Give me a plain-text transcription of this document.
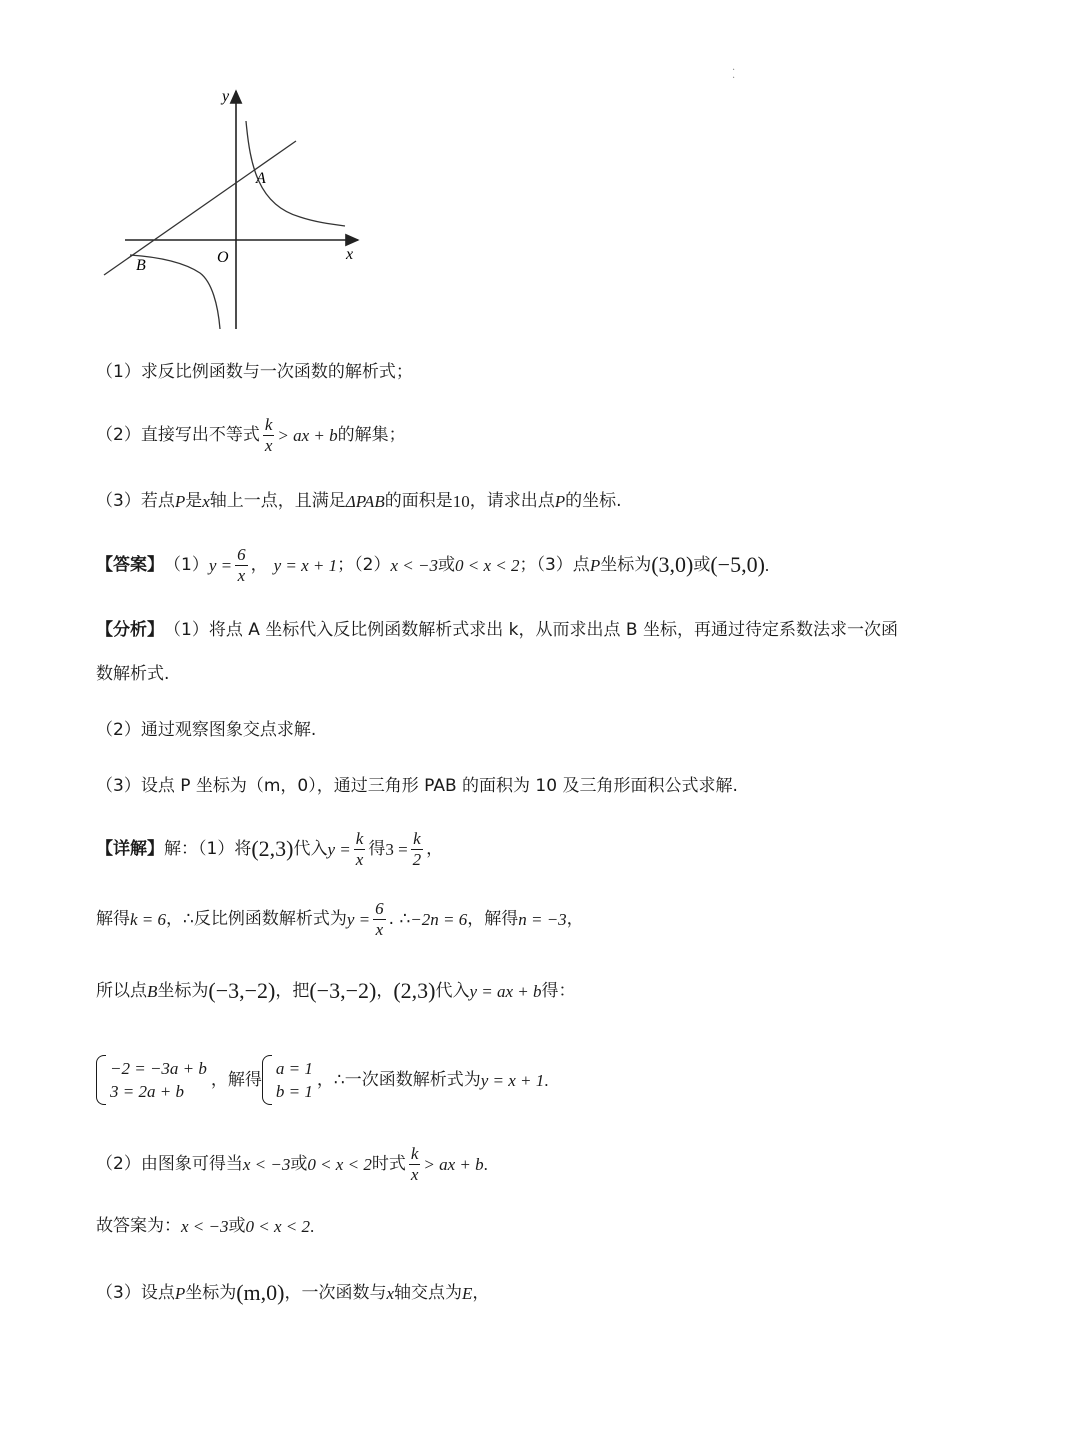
.
.
y
x
O
A
B
（1）求反比例函数与一次函数的解析式；
（2）直接写出不等式 $\frac{k}{x}$ > ax + b 的解集；
（3）若点 P 是 x 轴上一点，且满足 ΔPAB 的面积是 10 ，请求出点 P 的坐标.
【答案】 （1） $y = \frac{6}{x}$ ， y = x + 1 ；（2） x < −3 或 0 < x < 2 ；（3）点 P 坐标为 (3,0) 或 (−5,0) .
【分析】 （1）将点 A 坐标代入反比例函数解析式求出 k，从而求出点 B 坐标，再通过待定系数法求一次函
数解析式.
（2）通过观察图象交点求解.
（3）设点 P 坐标为（m，0），通过三角形 PAB 的面积为 10 及三角形面积公式求解.
【详解】 解：（1）将 (2,3) 代入 $y = \frac{k}{x}$ 得 $3 = \frac{k}{2}$ ，
解得 k = 6 ，∴反比例函数解析式为 $y = \frac{6}{x}$ . ∴ −2n = 6 ，解得 n = −3 ，
所以点 B 坐标为 (−3,−2) ，把 (−3,−2) ， (2,3) 代入 y = ax + b 得：
−2 = −3a + b
3 = 2a + b
，解得
a = 1
b = 1
，∴一次函数解析式为 y = x + 1 .
（2）由图象可得当 x < −3 或 0 < x < 2 时式 $\frac{k}{x}$ > ax + b .
故答案为： x < −3 或 0 < x < 2 .
（3）设点 P 坐标为 (m,0) ，一次函数与 x 轴交点为 E ，
